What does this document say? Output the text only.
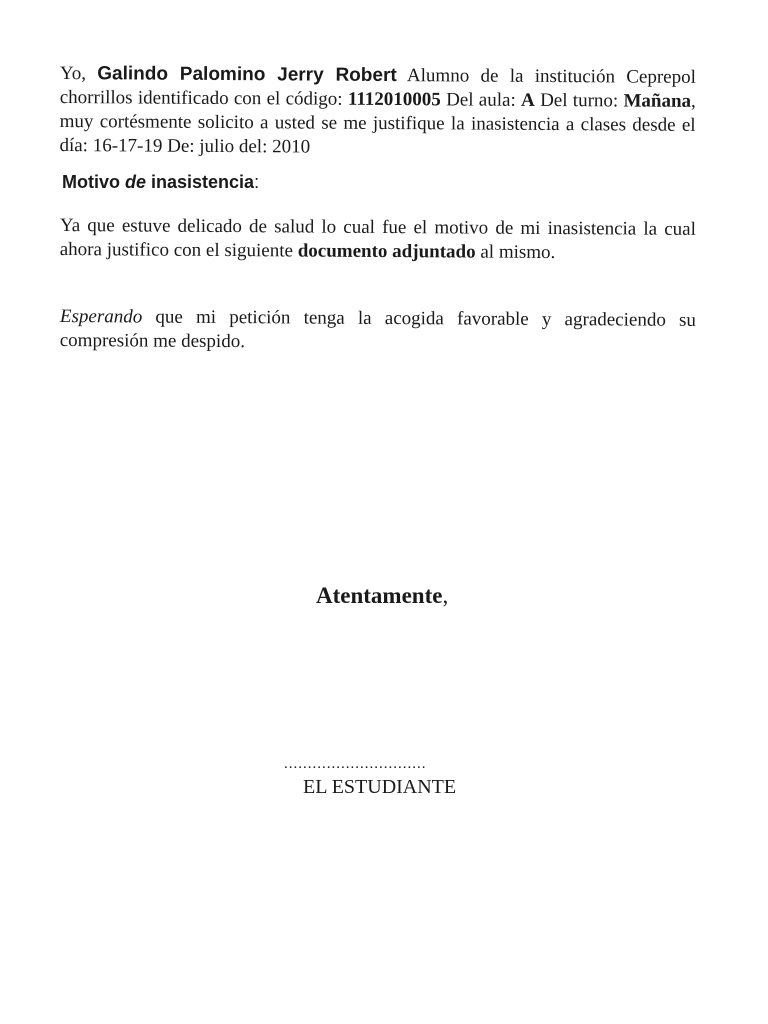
Yo, Galindo Palomino Jerry Robert Alumno de la institución Ceprepol chorrillos identificado con el código: 1112010005 Del aula: A Del turno: Mañana, muy cortésmente solicito a usted se me justifique la inasistencia a clases desde el día: 16-17-19 De: julio del: 2010

Motivo de inasistencia:

Ya que estuve delicado de salud lo cual fue el motivo de mi inasistencia la cual ahora justifico con el siguiente documento adjuntado al mismo.

Esperando que mi petición tenga la acogida favorable y agradeciendo su compresión me despido.

Atentamente,
..............................
EL ESTUDIANTE
